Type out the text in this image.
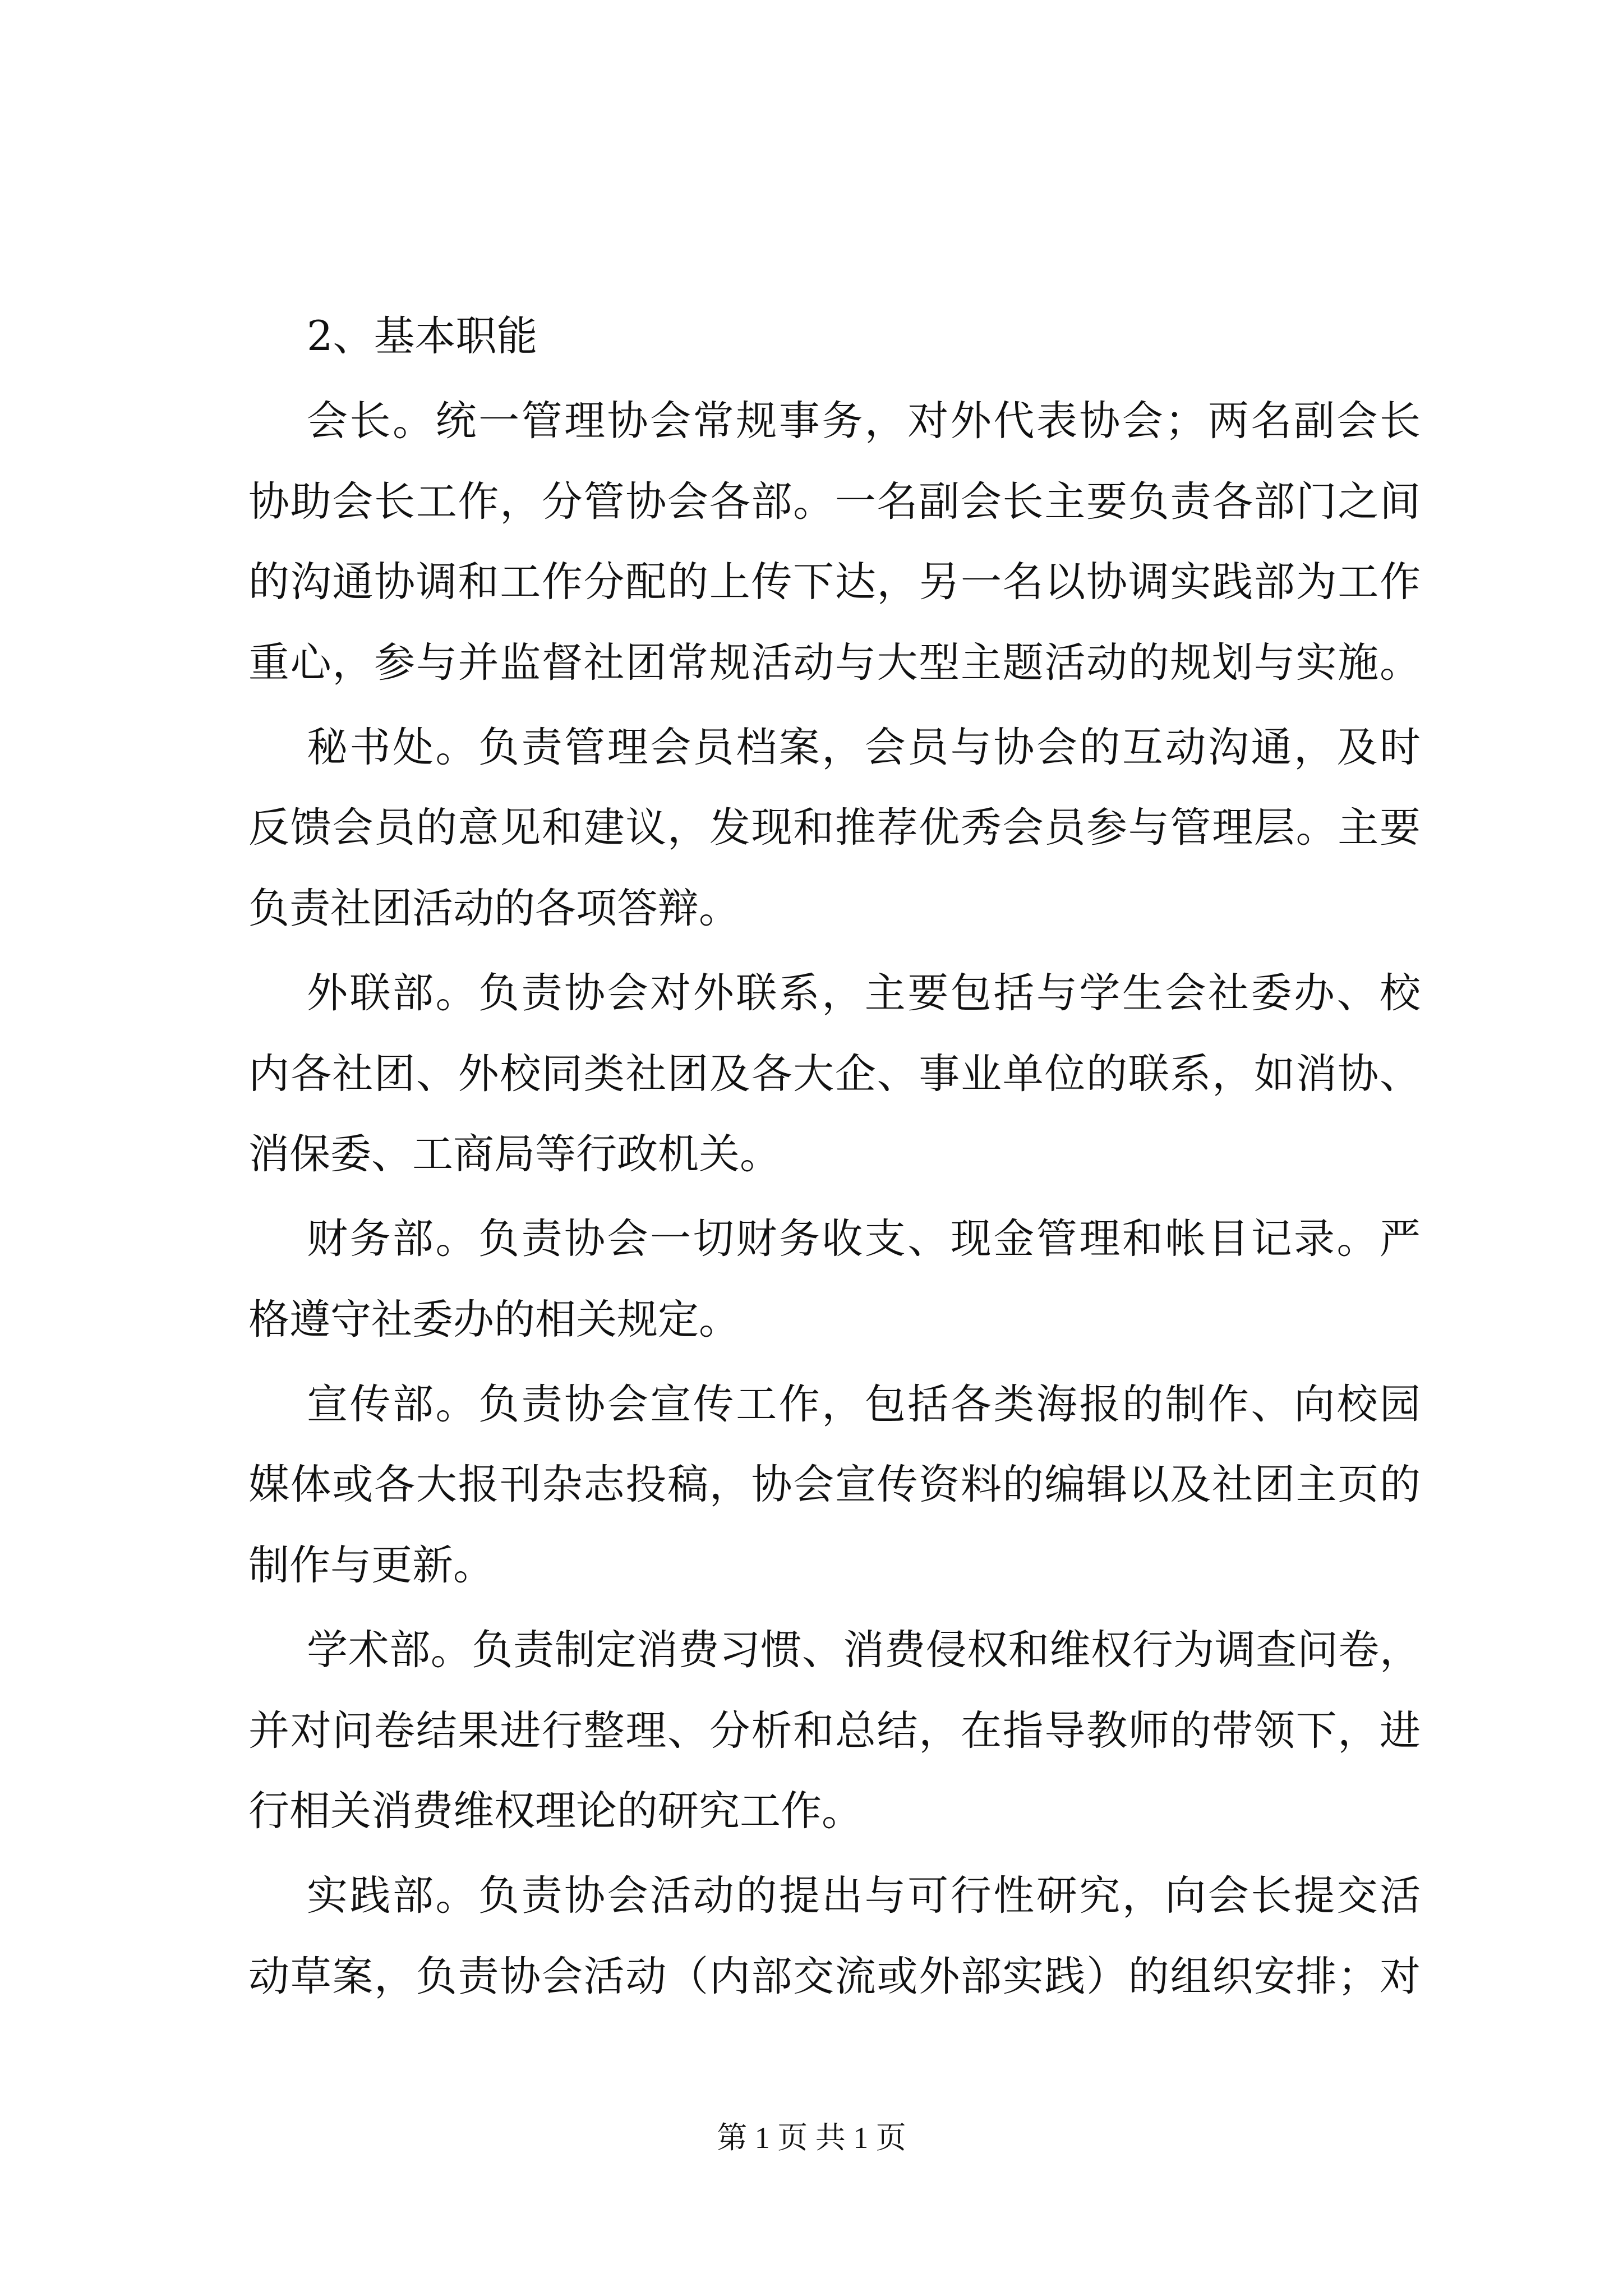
2、基本职能
会长。统一管理协会常规事务，对外代表协会；两名副会长
协助会长工作，分管协会各部。一名副会长主要负责各部门之间
的沟通协调和工作分配的上传下达，另一名以协调实践部为工作
重心，参与并监督社团常规活动与大型主题活动的规划与实施。
秘书处。负责管理会员档案，会员与协会的互动沟通，及时
反馈会员的意见和建议，发现和推荐优秀会员参与管理层。主要
负责社团活动的各项答辩。
外联部。负责协会对外联系，主要包括与学生会社委办、校
内各社团、外校同类社团及各大企、事业单位的联系，如消协、
消保委、工商局等行政机关。
财务部。负责协会一切财务收支、现金管理和帐目记录。严
格遵守社委办的相关规定。
宣传部。负责协会宣传工作，包括各类海报的制作、向校园
媒体或各大报刊杂志投稿，协会宣传资料的编辑以及社团主页的
制作与更新。
学术部。负责制定消费习惯、消费侵权和维权行为调查问卷，
并对问卷结果进行整理、分析和总结，在指导教师的带领下，进
行相关消费维权理论的研究工作。
实践部。负责协会活动的提出与可行性研究，向会长提交活
动草案，负责协会活动（内部交流或外部实践）的组织安排；对
第 1 页 共 1 页
